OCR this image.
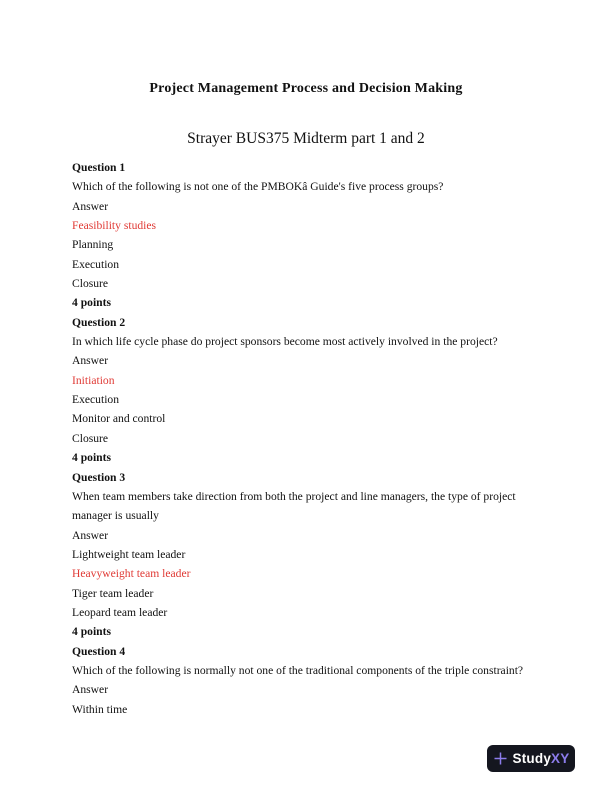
Project Management Process and Decision Making
Strayer BUS375 Midterm part 1 and 2
Question 1
Which of the following is not one of the PMBOKâ Guide's five process groups?
Answer
Feasibility studies
Planning
Execution
Closure
4 points
Question 2
In which life cycle phase do project sponsors become most actively involved in the project?
Answer
Initiation
Execution
Monitor and control
Closure
4 points
Question 3
When team members take direction from both the project and line managers, the type of project manager is usually
Answer
Lightweight team leader
Heavyweight team leader
Tiger team leader
Leopard team leader
4 points
Question 4
Which of the following is normally not one of the traditional components of the triple constraint?
Answer
Within time
StudyXY
